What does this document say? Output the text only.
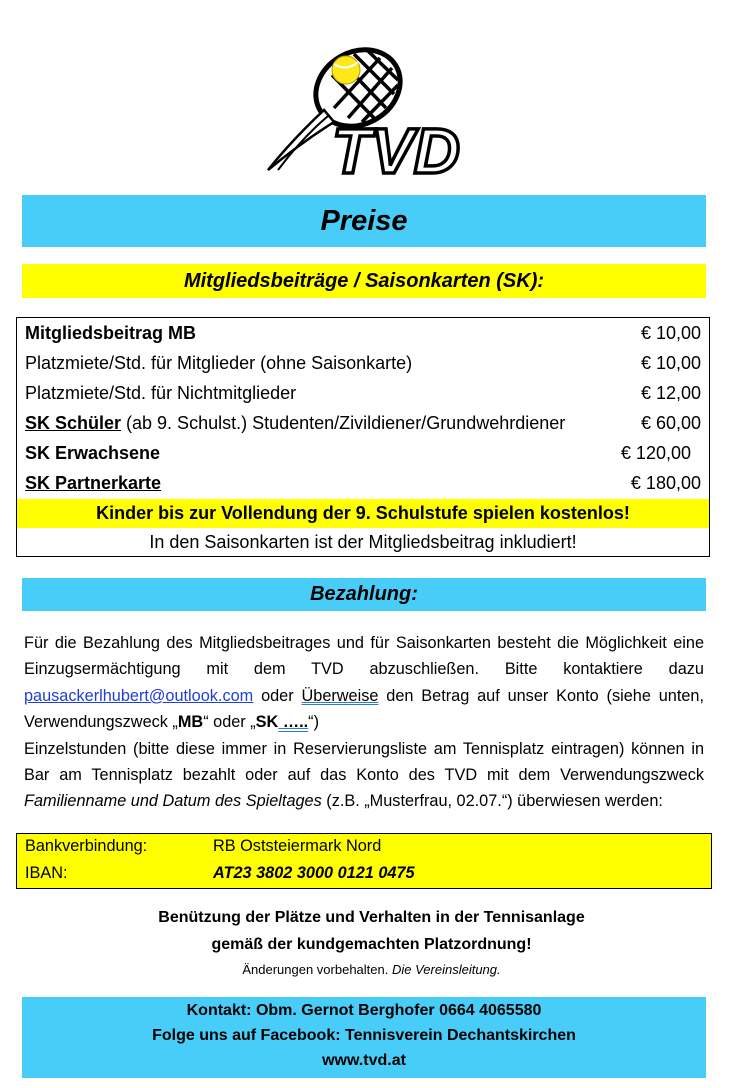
TVD
Preise
Mitgliedsbeiträge / Saisonkarten (SK):
Mitgliedsbeitrag MB	€ 10,00
Platzmiete/Std. für Mitglieder (ohne Saisonkarte)	€ 10,00
Platzmiete/Std. für Nichtmitglieder	€ 12,00
SK Schüler (ab 9. Schulst.) Studenten/Zivildiener/Grundwehrdiener	€ 60,00
SK Erwachsene	€ 120,00
SK Partnerkarte	€ 180,00
Kinder bis zur Vollendung der 9. Schulstufe spielen kostenlos!
In den Saisonkarten ist der Mitgliedsbeitrag inkludiert!
Bezahlung:
Für die Bezahlung des Mitgliedsbeitrages und für Saisonkarten besteht die Möglichkeit eine Einzugsermächtigung mit dem TVD abzuschließen. Bitte kontaktiere dazu pausackerlhubert@outlook.com oder Überweise den Betrag auf unser Konto (siehe unten, Verwendungszweck „MB“ oder „SK …..“)
Einzelstunden (bitte diese immer in Reservierungsliste am Tennisplatz eintragen) können in Bar am Tennisplatz bezahlt oder auf das Konto des TVD mit dem Verwendungszweck Familienname und Datum des Spieltages (z.B. „Musterfrau, 02.07.“) überwiesen werden:
Bankverbindung:	RB Oststeiermark Nord
IBAN:	AT23 3802 3000 0121 0475
Benützung der Plätze und Verhalten in der Tennisanlage
gemäß der kundgemachten Platzordnung!
Änderungen vorbehalten. Die Vereinsleitung.
Kontakt: Obm. Gernot Berghofer 0664 4065580
Folge uns auf Facebook: Tennisverein Dechantskirchen
www.tvd.at
